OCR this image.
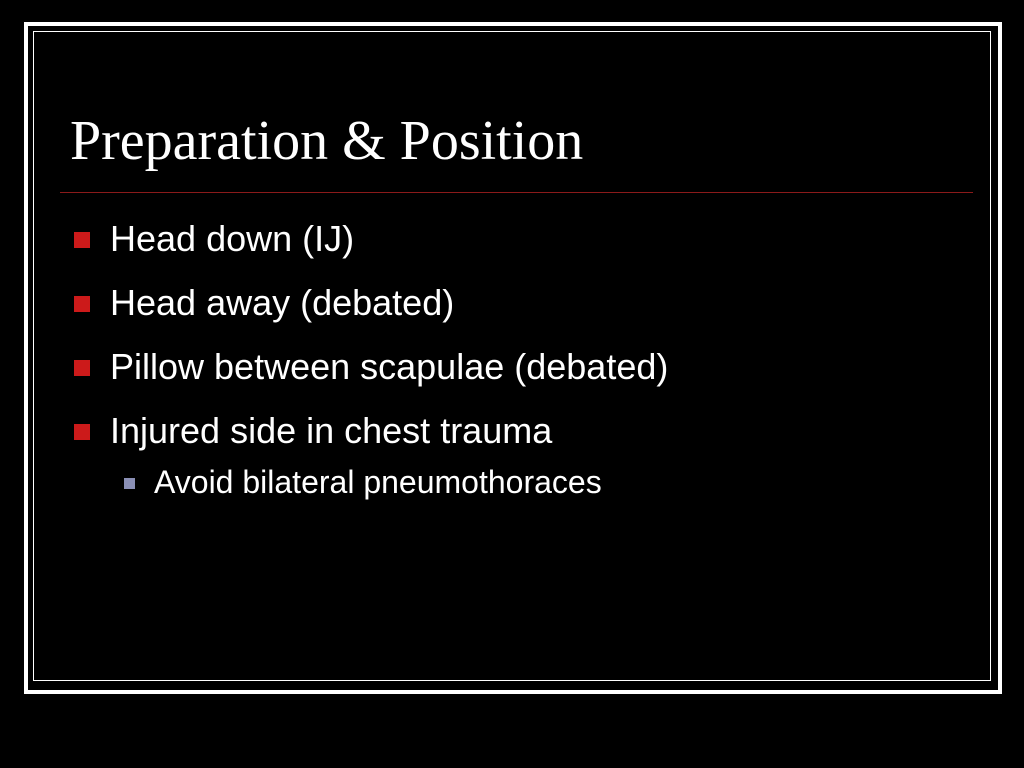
Preparation & Position
Head down (IJ)
Head away (debated)
Pillow between scapulae (debated)
Injured side in chest trauma
Avoid bilateral pneumothoraces
